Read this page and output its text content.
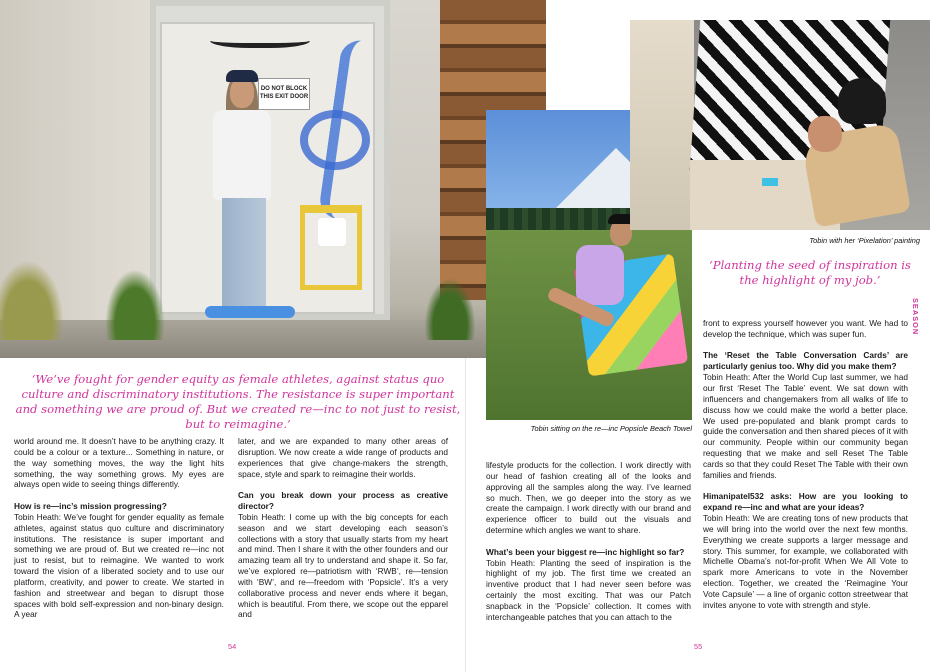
DO NOT BLOCK THIS EXIT DOOR
‘We’ve fought for gender equity as female athletes, against status quo culture and discriminatory institutions. The resistance is super important and something we are proud of. But we created re—inc to not just to resist, but to reimagine.’
‘Planting the seed of inspiration is the highlight of my job.’
Tobin sitting on the re—inc Popsicle Beach Towel
Tobin with her ‘Pixelation’ painting
SEASON

world around me. It doesn’t have to be anything crazy. It could be a colour or a texture... Something in nature, or the way something moves, the way the light hits something, the way something grows. My eyes are always open wide to seeing things differently.

How is re—inc’s mission progressing?
Tobin Heath: We’ve fought for gender equality as female athletes, against status quo culture and discriminatory institutions. The resistance is super important and something we are proud of. But we created re—inc not just to resist, but to reimagine. We wanted to work toward the vision of a liberated society and to use our platform, creativity, and power to create. We started in fashion and streetwear and began to disrupt those spaces with bold self-expression and non-binary design. A year

later, and we are expanded to many other areas of disruption. We now create a wide range of products and experiences that give change-makers the strength, space, style and spark to reimagine their worlds.

Can you break down your process as creative director?
Tobin Heath: I come up with the big concepts for each season and we start developing each season’s collections with a story that usually starts from my heart and mind. Then I share it with the other founders and our amazing team all try to understand and shape it. So far, we’ve explored re—patriotism with ‘RWB’, re—tension with ‘BW’, and re—freedom with ‘Popsicle’. It’s a very collaborative process and never ends where it began, which is beautiful. From there, we scope out the epparel and

lifestyle products for the collection. I work directly with our head of fashion creating all of the looks and approving all the samples along the way. I’ve learned so much. Then, we go deeper into the story as we create the campaign. I work directly with our brand and experience officer to build out the visuals and determine which angles we want to share.

What’s been your biggest re—inc highlight so far?
Tobin Heath: Planting the seed of inspiration is the highlight of my job. The first time we created an inventive product that I had never seen before was certainly the most exciting. That was our Patch snapback in the ‘Popsicle’ collection. It comes with interchangeable patches that you can attach to the

front to express yourself however you want. We had to develop the technique, which was super fun.

The ‘Reset the Table Conversation Cards’ are particularly genius too. Why did you make them?
Tobin Heath: After the World Cup last summer, we had our first ‘Reset The Table’ event. We sat down with influencers and changemakers from all walks of life to discuss how we could make the world a better place. We used pre-populated and blank prompt cards to guide the conversation and then shared pieces of it with our community. People within our community began requesting that we make and sell Reset The Table cards so that they could Reset The Table with their own families and friends.

Himanipatel532 asks: How are you looking to expand re—inc and what are your ideas?
Tobin Heath: We are creating tons of new products that we will bring into the world over the next few months. Everything we create supports a larger message and story. This summer, for example, we collaborated with Michelle Obama’s not-for-profit When We All Vote to spark more Americans to vote in the November election. Together, we created the ‘Reimagine Your Vote Capsule’ — a line of organic cotton streetwear that invites anyone to vote with strength and style.

54	55
